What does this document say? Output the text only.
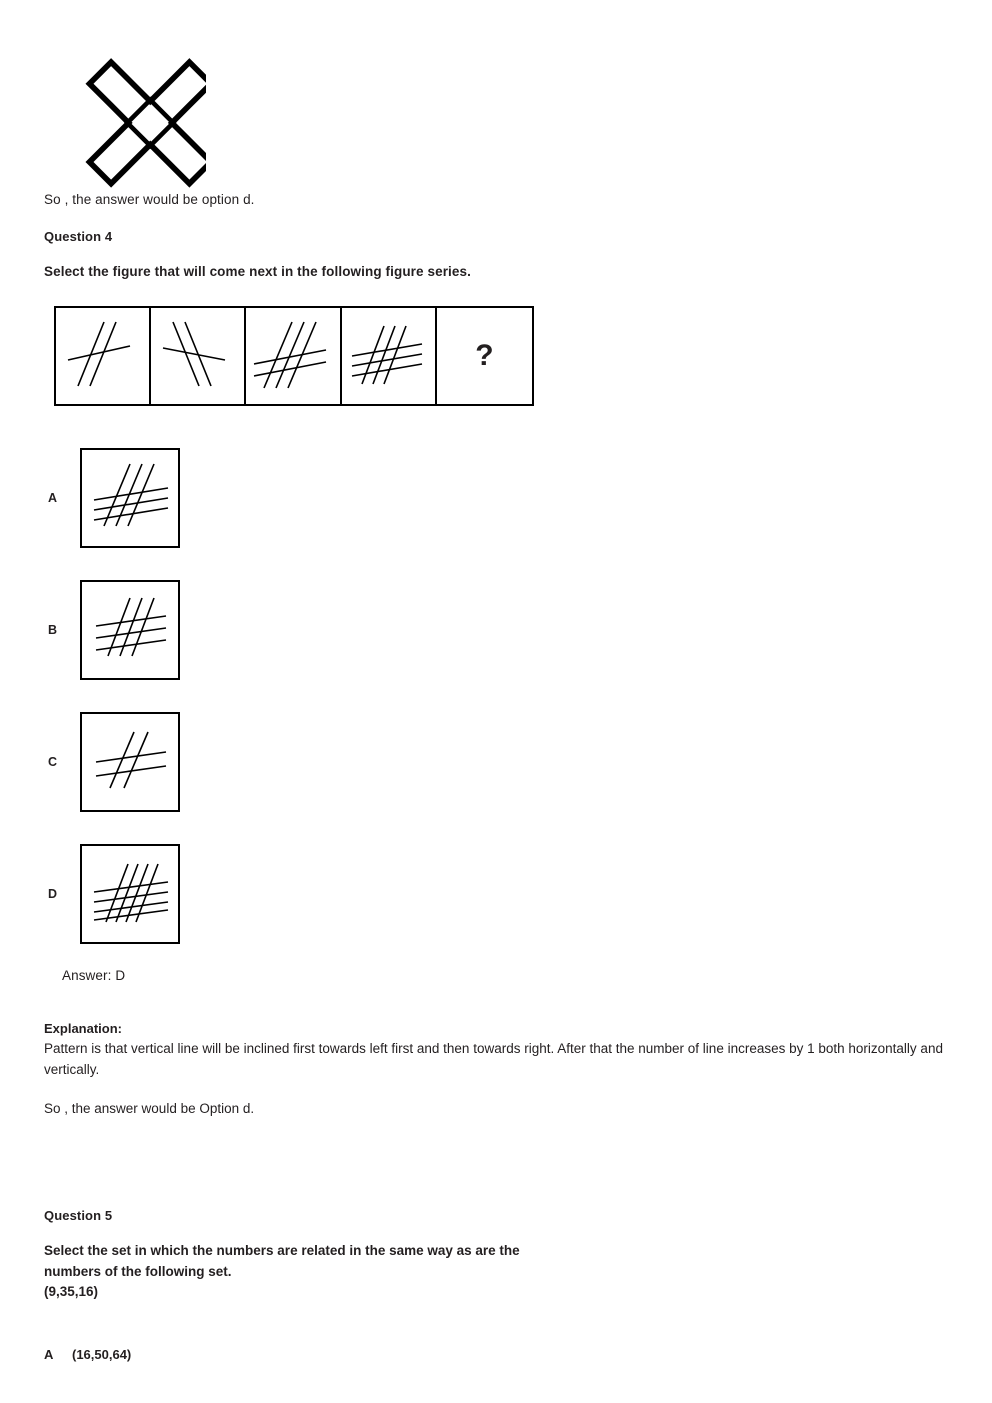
So , the answer would be option d.
Question 4
Select the figure that will come next in the following figure series.
?
A
B
C
D
Answer: D
Explanation:
Pattern is that vertical line will be inclined first towards left first and then towards right. After that the number of line increases by 1 both horizontally and vertically.
So , the answer would be Option d.
Question 5
Select the set in which the numbers are related in the same way as are the
numbers of the following set.
(9,35,16)
A	(16,50,64)
